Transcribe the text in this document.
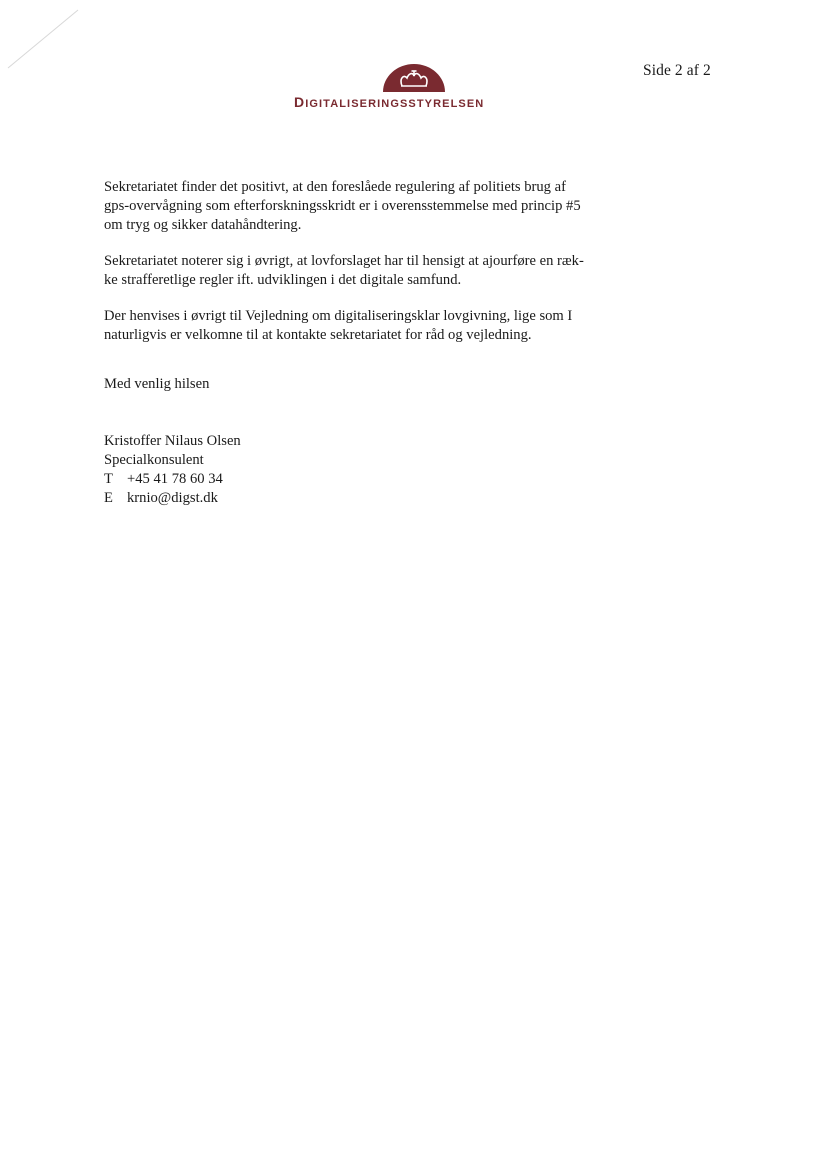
Side 2 af 2
DIGITALISERINGSSTYRELSEN

Sekretariatet finder det positivt, at den foreslåede regulering af politiets brug af
gps-overvågning som efterforskningsskridt er i overensstemmelse med princip #5
om tryg og sikker datahåndtering.

Sekretariatet noterer sig i øvrigt, at lovforslaget har til hensigt at ajourføre en ræk-
ke strafferetlige regler ift. udviklingen i det digitale samfund.

Der henvises i øvrigt til Vejledning om digitaliseringsklar lovgivning, lige som I
naturligvis er velkomne til at kontakte sekretariatet for råd og vejledning.

Med venlig hilsen
Kristoffer Nilaus Olsen
Specialkonsulent
T +45 41 78 60 34
E krnio@digst.dk
